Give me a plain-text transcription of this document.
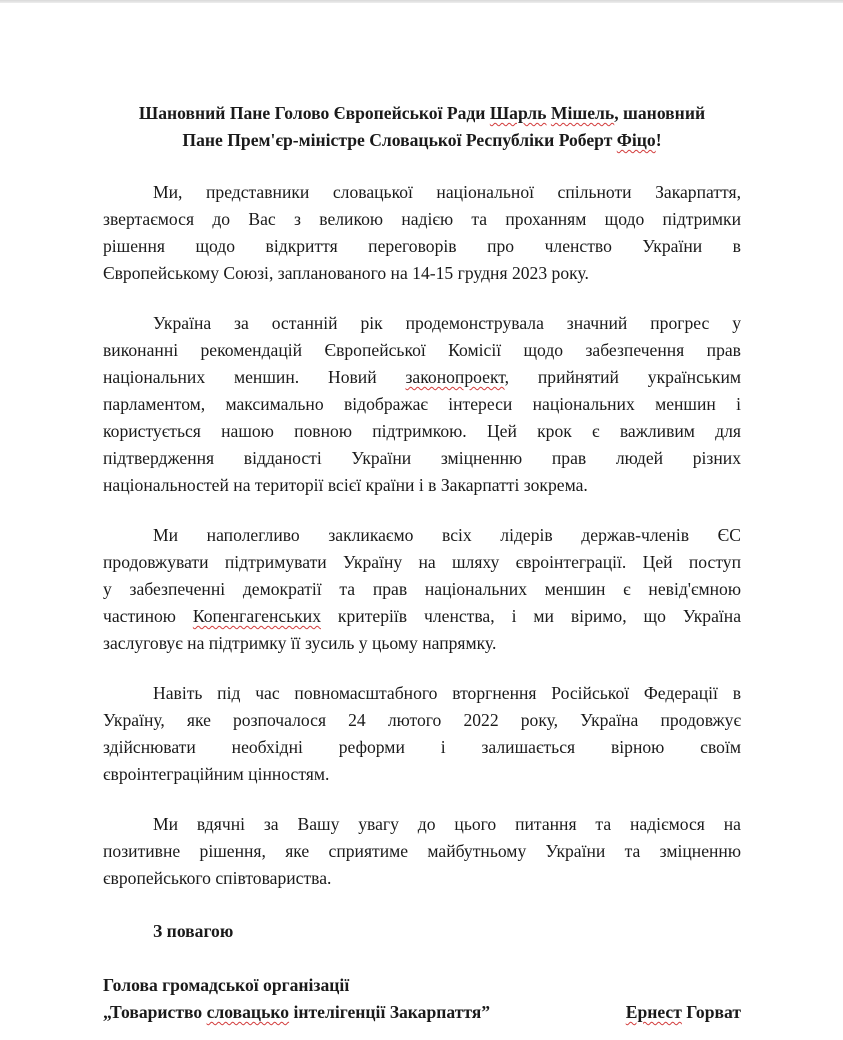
Шановний Пане Голово Європейської Ради Шарль Мішель, шановний
Пане Прем'єр-міністре Словацької Республіки Роберт Фіцо!
Ми, представники словацької національної спільноти Закарпаття,
звертаємося до Вас з великою надією та проханням щодо підтримки
рішення щодо відкриття переговорів про членство України в
Європейському Союзі, запланованого на 14-15 грудня 2023 року.
Україна за останній рік продемонструвала значний прогрес у
виконанні рекомендацій Європейської Комісії щодо забезпечення прав
національних меншин. Новий законопроект, прийнятий українським
парламентом, максимально відображає інтереси національних меншин і
користується нашою повною підтримкою. Цей крок є важливим для
підтвердження відданості України зміцненню прав людей різних
національностей на території всієї країни і в Закарпатті зокрема.
Ми наполегливо закликаємо всіх лідерів держав-членів ЄС
продовжувати підтримувати Україну на шляху євроінтеграції. Цей поступ
у забезпеченні демократії та прав національних меншин є невід'ємною
частиною Копенгагенських критеріїв членства, і ми віримо, що Україна
заслуговує на підтримку її зусиль у цьому напрямку.
Навіть під час повномасштабного вторгнення Російської Федерації в
Україну, яке розпочалося 24 лютого 2022 року, Україна продовжує
здійснювати необхідні реформи і залишається вірною своїм
євроінтеграційним цінностям.
Ми вдячні за Вашу увагу до цього питання та надіємося на
позитивне рішення, яке сприятиме майбутньому України та зміцненню
європейського співтовариства.
З повагою
Голова громадської організації
„Товариство словацько інтелігенції Закарпаття”	Ернест Горват
